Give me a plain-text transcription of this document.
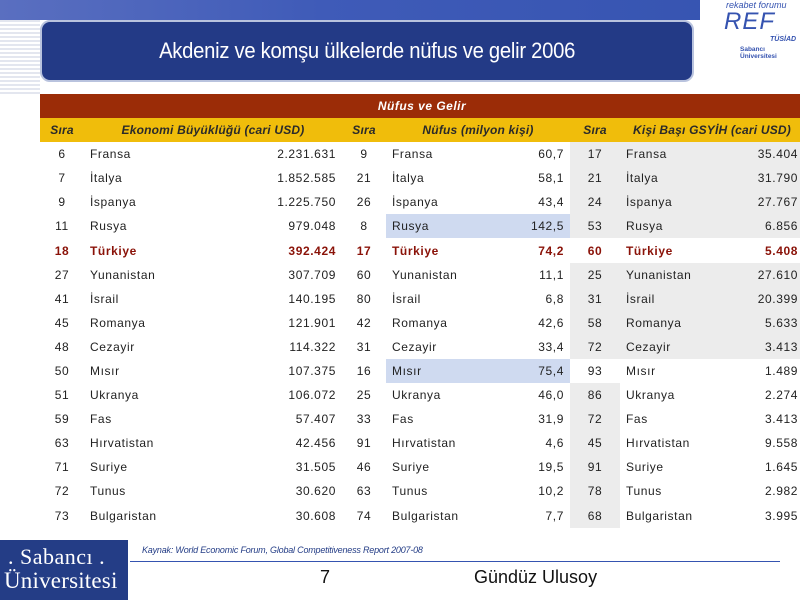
Akdeniz ve komşu ülkelerde nüfus ve gelir 2006
rekabet forumu
REF
TÜSİAD
Sabancı Üniversitesi
Nüfus ve Gelir								
Sıra	Ekonomi Büyüklüğü (cari USD)		Sıra	Nüfus (milyon kişi)		Sıra	Kişi Başı GSYİH (cari USD)	
6	Fransa	2.231.631	9	Fransa	60,7	17	Fransa	35.404
7	İtalya	1.852.585	21	İtalya	58,1	21	İtalya	31.790
9	İspanya	1.225.750	26	İspanya	43,4	24	İspanya	27.767
11	Rusya	979.048	8	Rusya	142,5	53	Rusya	6.856
18	Türkiye	392.424	17	Türkiye	74,2	60	Türkiye	5.408
27	Yunanistan	307.709	60	Yunanistan	11,1	25	Yunanistan	27.610
41	İsrail	140.195	80	İsrail	6,8	31	İsrail	20.399
45	Romanya	121.901	42	Romanya	42,6	58	Romanya	5.633
48	Cezayir	114.322	31	Cezayir	33,4	72	Cezayir	3.413
50	Mısır	107.375	16	Mısır	75,4	93	Mısır	1.489
51	Ukranya	106.072	25	Ukranya	46,0	86	Ukranya	2.274
59	Fas	57.407	33	Fas	31,9	72	Fas	3.413
63	Hırvatistan	42.456	91	Hırvatistan	4,6	45	Hırvatistan	9.558
71	Suriye	31.505	46	Suriye	19,5	91	Suriye	1.645
72	Tunus	30.620	63	Tunus	10,2	78	Tunus	2.982
73	Bulgaristan	30.608	74	Bulgaristan	7,7	68	Bulgaristan	3.995
. Sabancı .
Üniversitesi
Kaynak: World Economic Forum, Global Competitiveness Report 2007-08
7	Gündüz Ulusoy
